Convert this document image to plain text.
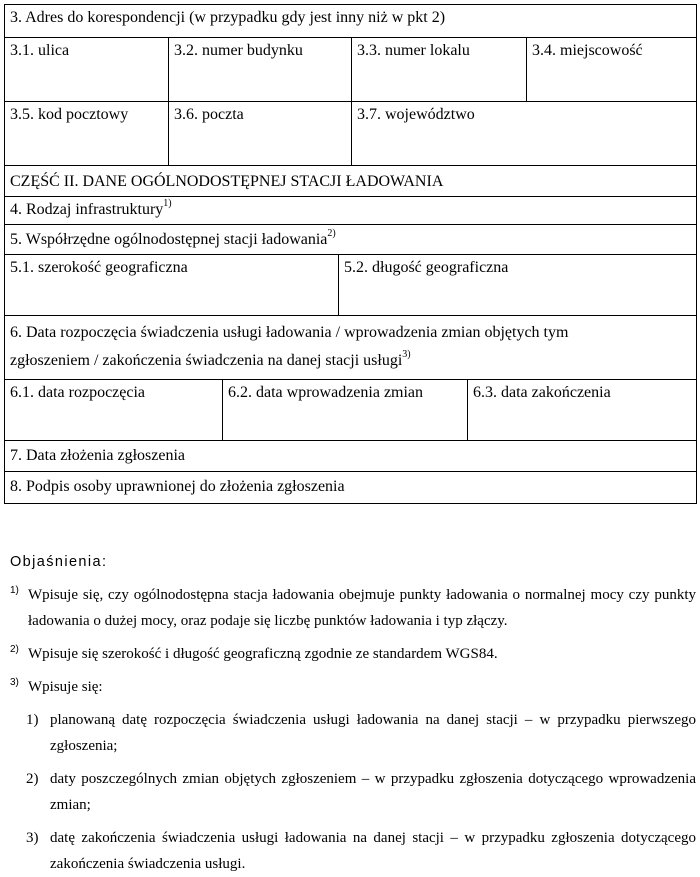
3. Adres do korespondencji (w przypadku gdy jest inny niż w pkt 2)
3.1. ulica	3.2. numer budynku	3.3. numer lokalu	3.4. miejscowość
3.5. kod pocztowy	3.6. poczta	3.7. województwo
CZĘŚĆ II. DANE OGÓLNODOSTĘPNEJ STACJI ŁADOWANIA
4. Rodzaj infrastruktury$^{1)}$
5. Współrzędne ogólnodostępnej stacji ładowania$^{2)}$
5.1. szerokość geograficzna	5.2. długość geograficzna
6. Data rozpoczęcia świadczenia usługi ładowania / wprowadzenia zmian objętych tym
zgłoszeniem / zakończenia świadczenia na danej stacji usługi$^{3)}$
6.1. data rozpoczęcia	6.2. data wprowadzenia zmian	6.3. data zakończenia
7. Data złożenia zgłoszenia
8. Podpis osoby uprawnionej do złożenia zgłoszenia
Objaśnienia:
1) Wpisuje się, czy ogólnodostępna stacja ładowania obejmuje punkty ładowania o normalnej mocy czy punkty ładowania o dużej mocy, oraz podaje się liczbę punktów ładowania i typ złączy.
2) Wpisuje się szerokość i długość geograficzną zgodnie ze standardem WGS84.
3) Wpisuje się:
1) planowaną datę rozpoczęcia świadczenia usługi ładowania na danej stacji – w przypadku pierwszego zgłoszenia;
2) daty poszczególnych zmian objętych zgłoszeniem – w przypadku zgłoszenia dotyczącego wprowadzenia zmian;
3) datę zakończenia świadczenia usługi ładowania na danej stacji – w przypadku zgłoszenia dotyczącego zakończenia świadczenia usługi.
